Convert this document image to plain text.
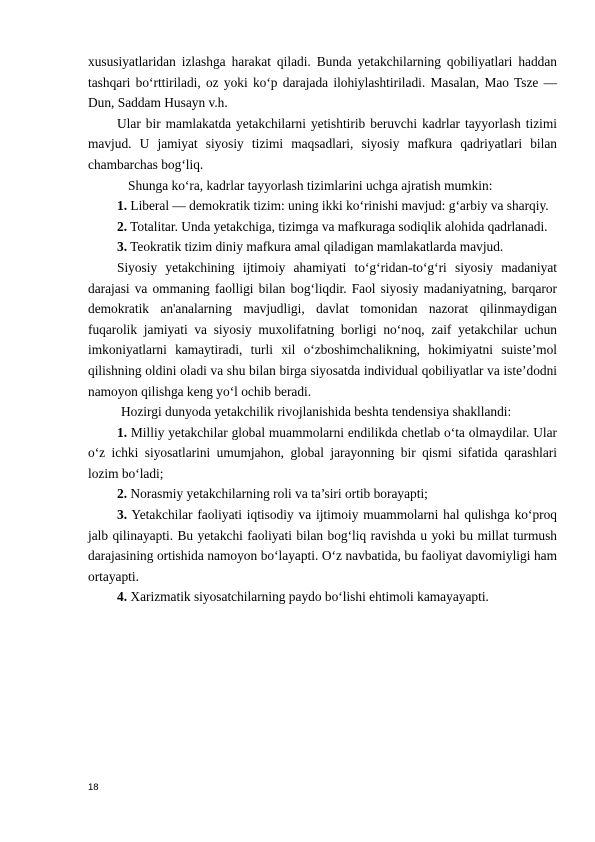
xususiyatlaridan izlashga harakat qiladi. Bunda yetakchilarning qobiliyatlari haddan tashqari bo‘rttiriladi, oz yoki ko‘p darajada ilohiylashtiriladi. Masalan, Mao Tsze — Dun, Saddam Husayn v.h.

Ular bir mamlakatda yetakchilarni yetishtirib beruvchi kadrlar tayyorlash tizimi mavjud. U jamiyat siyosiy tizimi maqsadlari, siyosiy mafkura qadriyatlari bilan chambarchas bog‘liq.

Shunga ko‘ra, kadrlar tayyorlash tizimlarini uchga ajratish mumkin:

1. Liberal — demokratik tizim: uning ikki ko‘rinishi mavjud: g‘arbiy va sharqiy.

2. Totalitar. Unda yetakchiga, tizimga va mafkuraga sodiqlik alohida qadrlanadi.

3. Teokratik tizim diniy mafkura amal qiladigan mamlakatlarda mavjud.

Siyosiy yetakchining ijtimoiy ahamiyati to‘g‘ridan-to‘g‘ri siyosiy madaniyat darajasi va ommaning faolligi bilan bog‘liqdir. Faol siyosiy madaniyatning, barqaror demokratik an'analarning mavjudligi, davlat tomonidan nazorat qilinmaydigan fuqarolik jamiyati va siyosiy muxolifatning borligi no‘noq, zaif yetakchilar uchun imkoniyatlarni kamaytiradi, turli xil o‘zboshimchalikning, hokimiyatni suiste’mol qilishning oldini oladi va shu bilan birga siyosatda individual qobiliyatlar va iste’dodni namoyon qilishga keng yo‘l ochib beradi.

Hozirgi dunyoda yetakchilik rivojlanishida beshta tendensiya shakllandi:

1. Milliy yetakchilar global muammolarni endilikda chetlab o‘ta olmaydilar. Ular o‘z ichki siyosatlarini umumjahon, global jarayonning bir qismi sifatida qarashlari lozim bo‘ladi;

2. Norasmiy yetakchilarning roli va ta’siri ortib borayapti;

3. Yetakchilar faoliyati iqtisodiy va ijtimoiy muammolarni hal qulishga ko‘proq jalb qilinayapti. Bu yetakchi faoliyati bilan bog‘liq ravishda u yoki bu millat turmush darajasining ortishida namoyon bo‘layapti. O‘z navbatida, bu faoliyat davomiyligi ham ortayapti.

4. Xarizmatik siyosatchilarning paydo bo‘lishi ehtimoli kamayayapti.

18
